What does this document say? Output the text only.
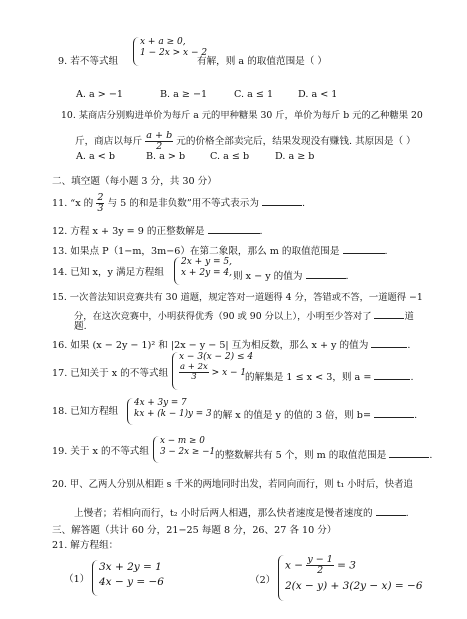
9. 若不等式组
x + a ≥ 0,
1 − 2x > x − 2
有解，则 a 的取值范围是（ ）
A. a > −1	B. a ≥ −1	C. a ≤ 1	D. a < 1
10. 某商店分别购进单价为每斤 a 元的甲种糖果 30 斤，单价为每斤 b 元的乙种糖果 20
斤，商店以每斤 $\frac{a + b}{2}$ 元的价格全部卖完后，结果发现没有赚钱. 其原因是（ ）
A. a < b	B. a > b	C. a ≤ b	D. a ≥ b
二、填空题（每小题 3 分，共 30 分）
11. “x 的 $\frac{2}{3}$ 与 5 的和是非负数”用不等式表示为	.
12. 方程 x + 3y = 9 的正整数解是	.
13. 如果点 P（1−m，3m−6）在第二象限，那么 m 的取值范围是	.
14. 已知 x，y 满足方程组
2x + y = 5,
x + 2y = 4, 则 x − y 的值为	.
15. 一次普法知识竞赛共有 30 道题，规定答对一道题得 4 分，答错或不答，一道题得 −1
分，在这次竞赛中，小明获得优秀（90 或 90 分以上），小明至少答对了	道
题.
16. 如果 (x − 2y − 1)² 和 |2x − y − 5| 互为相反数，那么 x + y 的值为	.
17. 已知关于 x 的不等式组
x − 3(x − 2) ≤ 4
$\frac{a + 2x}{3} > x - 1$
的解集是 1 ≤ x < 3，则 a =	.
18. 已知方程组
4x + 3y = 7
kx + (k − 1)y = 3 的解 x 的值是 y 的值的 3 倍，则 b=	.
19. 关于 x 的不等式组
x − m ≥ 0
3 − 2x ≥ −1 的整数解共有 5 个，则 m 的取值范围是	.
20. 甲、乙两人分别从相距 s 千米的两地同时出发，若同向而行，则 t₁ 小时后，快者追
上慢者；若相向而行，t₂ 小时后两人相遇，那么快者速度是慢者速度的	.
三、解答题（共计 60 分，21−25 每题 8 分，26、27 各 10 分）
21. 解方程组：
（1）
3x + 2y = 1
4x − y = −6	（2）
$x - \frac{y - 1}{2} = 3$
2(x − y) + 3(2y − x) = −6
